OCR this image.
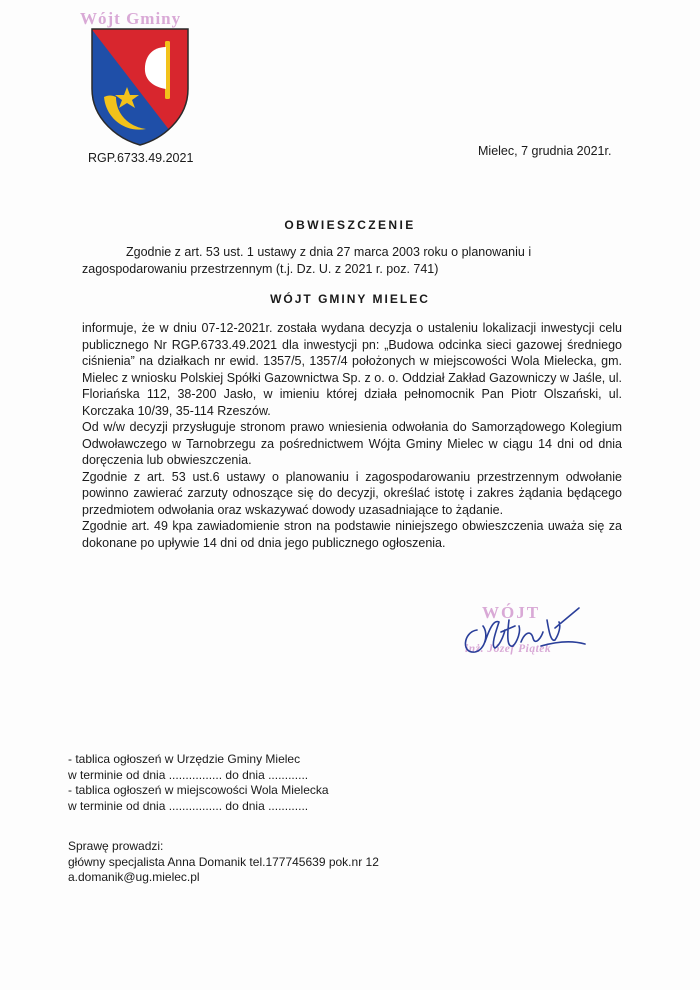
Wójt Gminy
RGP.6733.49.2021	Mielec, 7 grudnia 2021r.
OBWIESZCZENIE
Zgodnie z art. 53 ust. 1 ustawy z dnia 27 marca 2003 roku o planowaniu i zagospodarowaniu przestrzennym (t.j. Dz. U. z 2021 r. poz. 741)
WÓJT GMINY MIELEC

informuje, że w dniu 07-12-2021r. została wydana decyzja o ustaleniu lokalizacji inwestycji celu publicznego Nr RGP.6733.49.2021 dla inwestycji pn: „Budowa odcinka sieci gazowej średniego ciśnienia” na działkach nr ewid. 1357/5, 1357/4 położonych w miejscowości Wola Mielecka, gm. Mielec z wniosku Polskiej Spółki Gazownictwa Sp. z o. o. Oddział Zakład Gazowniczy w Jaśle, ul. Floriańska 112, 38-200 Jasło, w imieniu której działa pełnomocnik Pan Piotr Olszański, ul. Korczaka 10/39, 35-114 Rzeszów.

Od w/w decyzji przysługuje stronom prawo wniesienia odwołania do Samorządowego Kolegium Odwoławczego w Tarnobrzegu za pośrednictwem Wójta Gminy Mielec w ciągu 14 dni od dnia doręczenia lub obwieszczenia.

Zgodnie z art. 53 ust.6 ustawy o planowaniu i zagospodarowaniu przestrzennym odwołanie powinno zawierać zarzuty odnoszące się do decyzji, określać istotę i zakres żądania będącego przedmiotem odwołania oraz wskazywać dowody uzasadniające to żądanie.

Zgodnie art. 49 kpa zawiadomienie stron na podstawie niniejszego obwieszczenia uważa się za dokonane po upływie 14 dni od dnia jego publicznego ogłoszenia.

WÓJT
inż. Józef Piątek
- tablica ogłoszeń w Urzędzie Gminy Mielec
w terminie od dnia ................ do dnia ............
- tablica ogłoszeń w miejscowości Wola Mielecka
w terminie od dnia ................ do dnia ............
Sprawę prowadzi:
główny specjalista Anna Domanik tel.177745639 pok.nr 12
a.domanik@ug.mielec.pl
